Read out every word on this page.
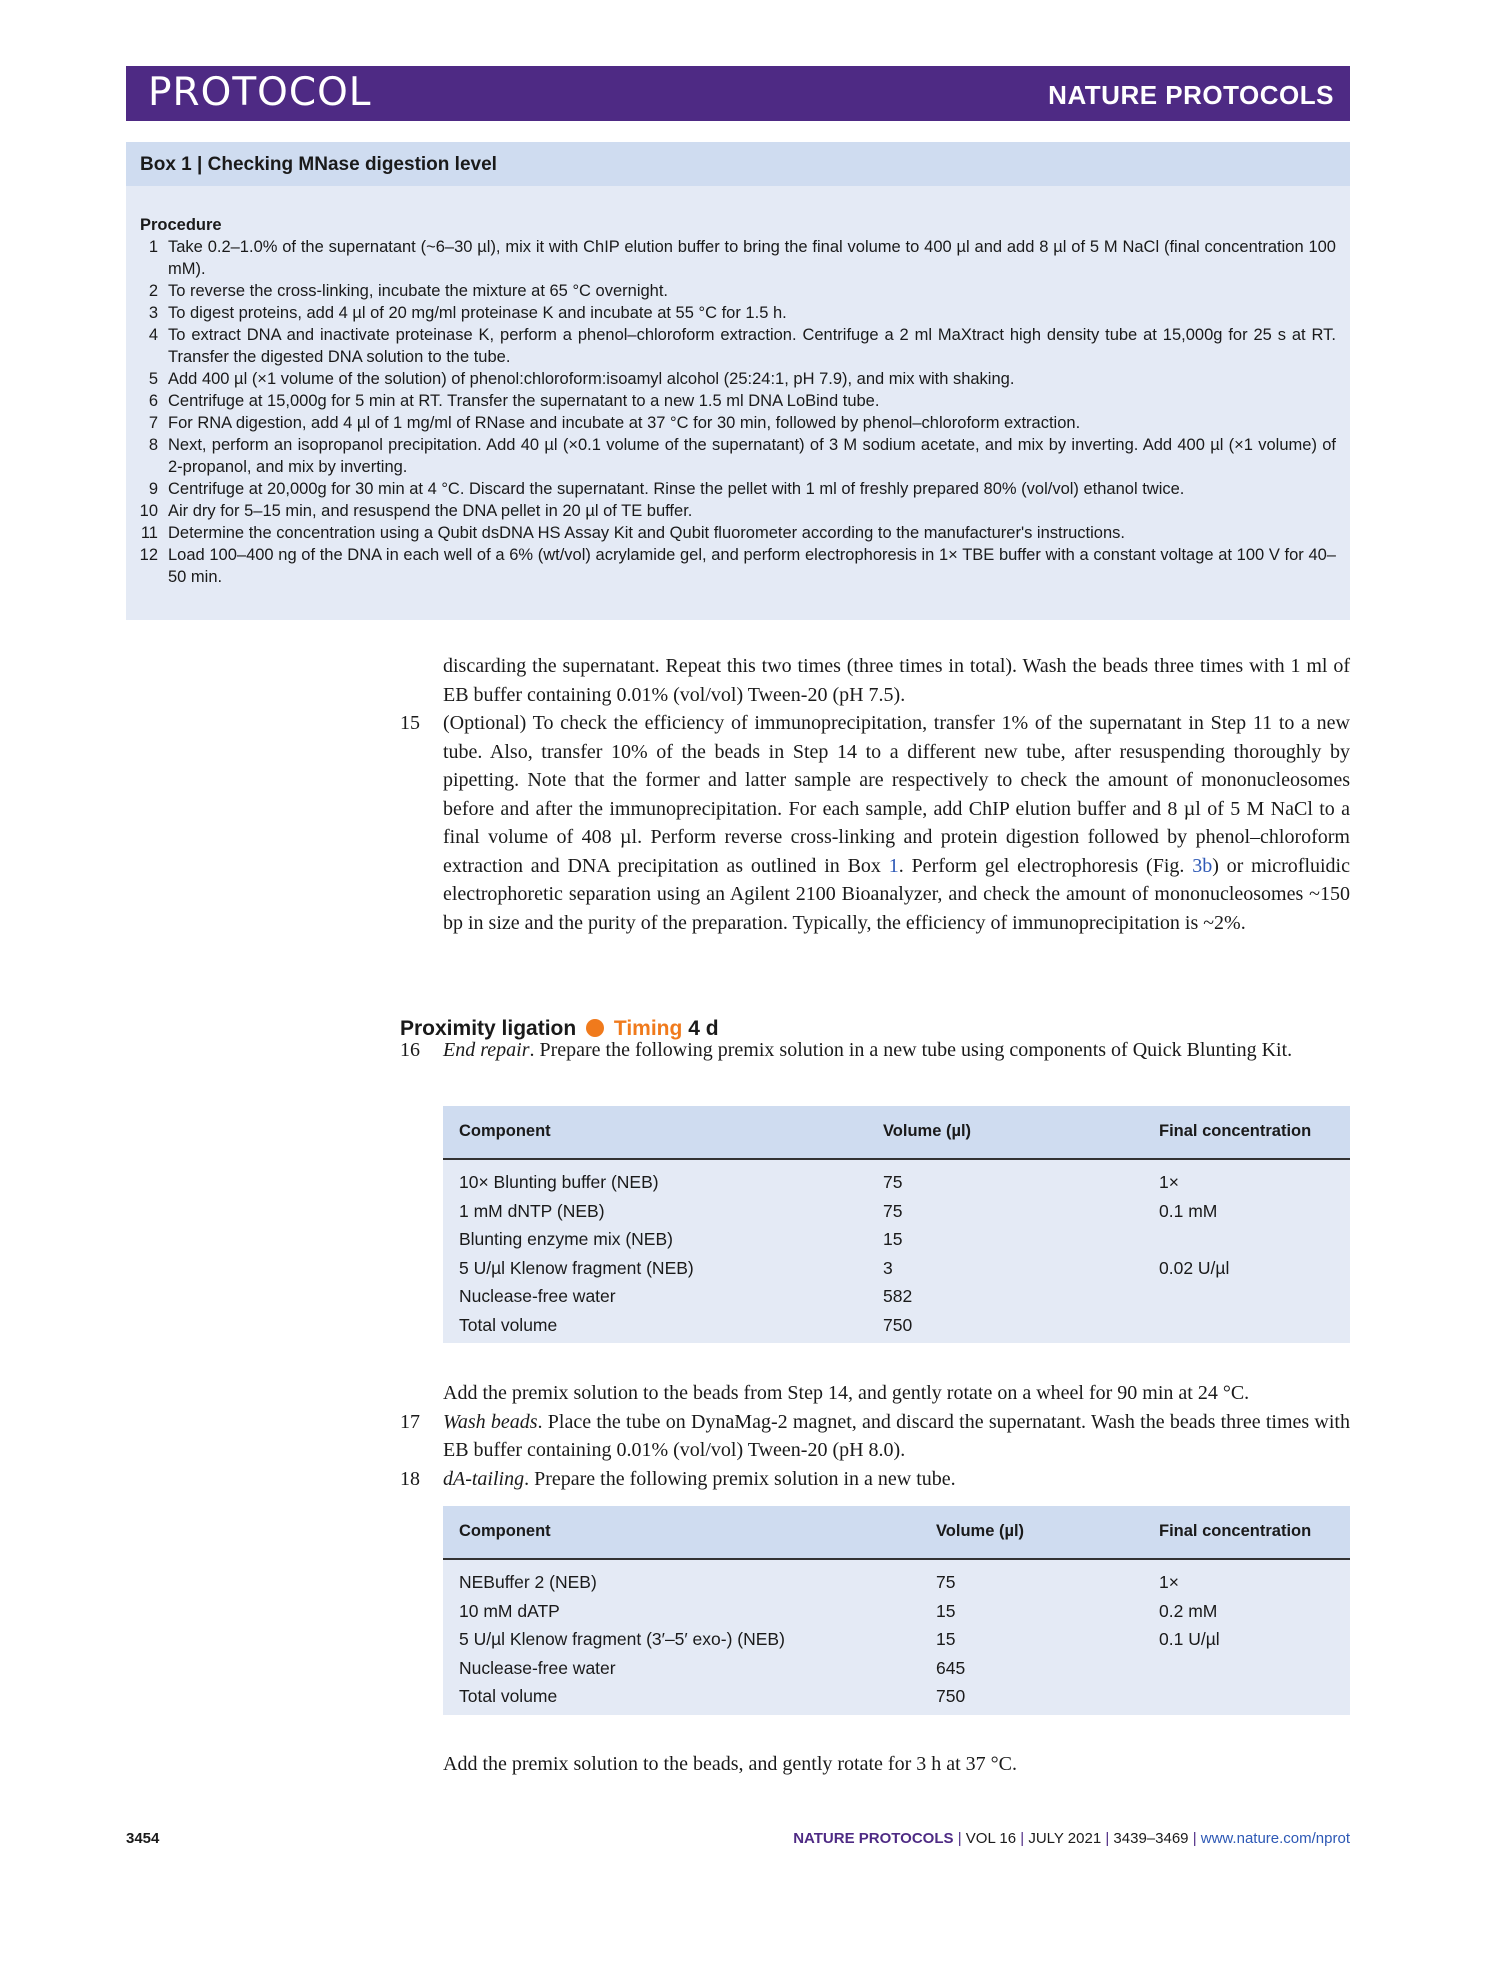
PROTOCOL	NATURE PROTOCOLS
Box 1 | Checking MNase digestion level
Procedure
1 Take 0.2–1.0% of the supernatant (~6–30 µl), mix it with ChIP elution buffer to bring the final volume to 400 µl and add 8 µl of 5 M NaCl (final concentration 100 mM).
2 To reverse the cross-linking, incubate the mixture at 65 °C overnight.
3 To digest proteins, add 4 µl of 20 mg/ml proteinase K and incubate at 55 °C for 1.5 h.
4 To extract DNA and inactivate proteinase K, perform a phenol–chloroform extraction. Centrifuge a 2 ml MaXtract high density tube at 15,000g for 25 s at RT. Transfer the digested DNA solution to the tube.
5 Add 400 µl (×1 volume of the solution) of phenol:chloroform:isoamyl alcohol (25:24:1, pH 7.9), and mix with shaking.
6 Centrifuge at 15,000g for 5 min at RT. Transfer the supernatant to a new 1.5 ml DNA LoBind tube.
7 For RNA digestion, add 4 µl of 1 mg/ml of RNase and incubate at 37 °C for 30 min, followed by phenol–chloroform extraction.
8 Next, perform an isopropanol precipitation. Add 40 µl (×0.1 volume of the supernatant) of 3 M sodium acetate, and mix by inverting. Add 400 µl (×1 volume) of 2-propanol, and mix by inverting.
9 Centrifuge at 20,000g for 30 min at 4 °C. Discard the supernatant. Rinse the pellet with 1 ml of freshly prepared 80% (vol/vol) ethanol twice.
10 Air dry for 5–15 min, and resuspend the DNA pellet in 20 µl of TE buffer.
11 Determine the concentration using a Qubit dsDNA HS Assay Kit and Qubit fluorometer according to the manufacturer's instructions.
12 Load 100–400 ng of the DNA in each well of a 6% (wt/vol) acrylamide gel, and perform electrophoresis in 1× TBE buffer with a constant voltage at 100 V for 40–50 min.
discarding the supernatant. Repeat this two times (three times in total). Wash the beads three times with 1 ml of EB buffer containing 0.01% (vol/vol) Tween-20 (pH 7.5).
15 (Optional) To check the efficiency of immunoprecipitation, transfer 1% of the supernatant in Step 11 to a new tube. Also, transfer 10% of the beads in Step 14 to a different new tube, after resuspending thoroughly by pipetting. Note that the former and latter sample are respectively to check the amount of mononucleosomes before and after the immunoprecipitation. For each sample, add ChIP elution buffer and 8 µl of 5 M NaCl to a final volume of 408 µl. Perform reverse cross-linking and protein digestion followed by phenol–chloroform extraction and DNA precipitation as outlined in Box 1. Perform gel electrophoresis (Fig. 3b) or microfluidic electrophoretic separation using an Agilent 2100 Bioanalyzer, and check the amount of mononucleosomes ~150 bp in size and the purity of the preparation. Typically, the efficiency of immunoprecipitation is ~2%.
Proximity ligation Timing 4 d
16 End repair. Prepare the following premix solution in a new tube using components of Quick Blunting Kit.
Component	Volume (µl)	Final concentration
10× Blunting buffer (NEB)	75	1×
1 mM dNTP (NEB)	75	0.1 mM
Blunting enzyme mix (NEB)	15
5 U/µl Klenow fragment (NEB)	3	0.02 U/µl
Nuclease-free water	582
Total volume	750
Add the premix solution to the beads from Step 14, and gently rotate on a wheel for 90 min at 24 °C.
17 Wash beads. Place the tube on DynaMag-2 magnet, and discard the supernatant. Wash the beads three times with EB buffer containing 0.01% (vol/vol) Tween-20 (pH 8.0).
18 dA-tailing. Prepare the following premix solution in a new tube.
Component	Volume (µl)	Final concentration
NEBuffer 2 (NEB)	75	1×
10 mM dATP	15	0.2 mM
5 U/µl Klenow fragment (3′–5′ exo-) (NEB)	15	0.1 U/µl
Nuclease-free water	645
Total volume	750
Add the premix solution to the beads, and gently rotate for 3 h at 37 °C.
3454	NATURE PROTOCOLS | VOL 16 | JULY 2021 | 3439–3469 | www.nature.com/nprot
